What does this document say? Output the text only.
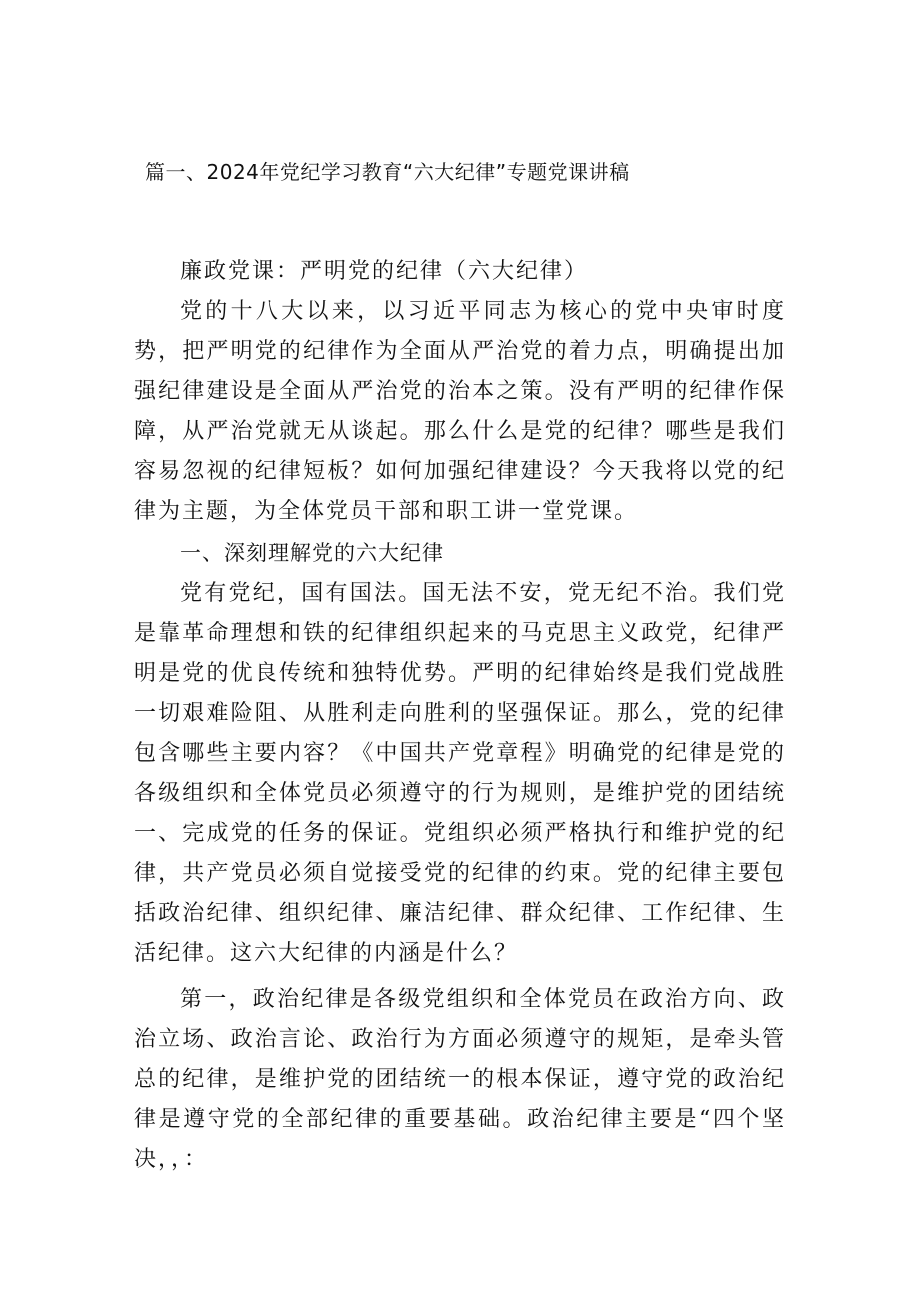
篇一、2024年党纪学习教育“六大纪律”专题党课讲稿

廉政党课：严明党的纪律（六大纪律）

党的十八大以来，以习近平同志为核心的党中央审时度势，把严明党的纪律作为全面从严治党的着力点，明确提出加强纪律建设是全面从严治党的治本之策。没有严明的纪律作保障，从严治党就无从谈起。那么什么是党的纪律？哪些是我们容易忽视的纪律短板？如何加强纪律建设？今天我将以党的纪律为主题，为全体党员干部和职工讲一堂党课。

一、深刻理解党的六大纪律

党有党纪，国有国法。国无法不安，党无纪不治。我们党是靠革命理想和铁的纪律组织起来的马克思主义政党，纪律严明是党的优良传统和独特优势。严明的纪律始终是我们党战胜一切艰难险阻、从胜利走向胜利的坚强保证。那么，党的纪律包含哪些主要内容？《中国共产党章程》明确党的纪律是党的各级组织和全体党员必须遵守的行为规则，是维护党的团结统一、完成党的任务的保证。党组织必须严格执行和维护党的纪律，共产党员必须自觉接受党的纪律的约束。党的纪律主要包括政治纪律、组织纪律、廉洁纪律、群众纪律、工作纪律、生活纪律。这六大纪律的内涵是什么？

第一，政治纪律是各级党组织和全体党员在政治方向、政治立场、政治言论、政治行为方面必须遵守的规矩，是牵头管总的纪律，是维护党的团结统一的根本保证，遵守党的政治纪律是遵守党的全部纪律的重要基础。政治纪律主要是“四个坚决，，：
